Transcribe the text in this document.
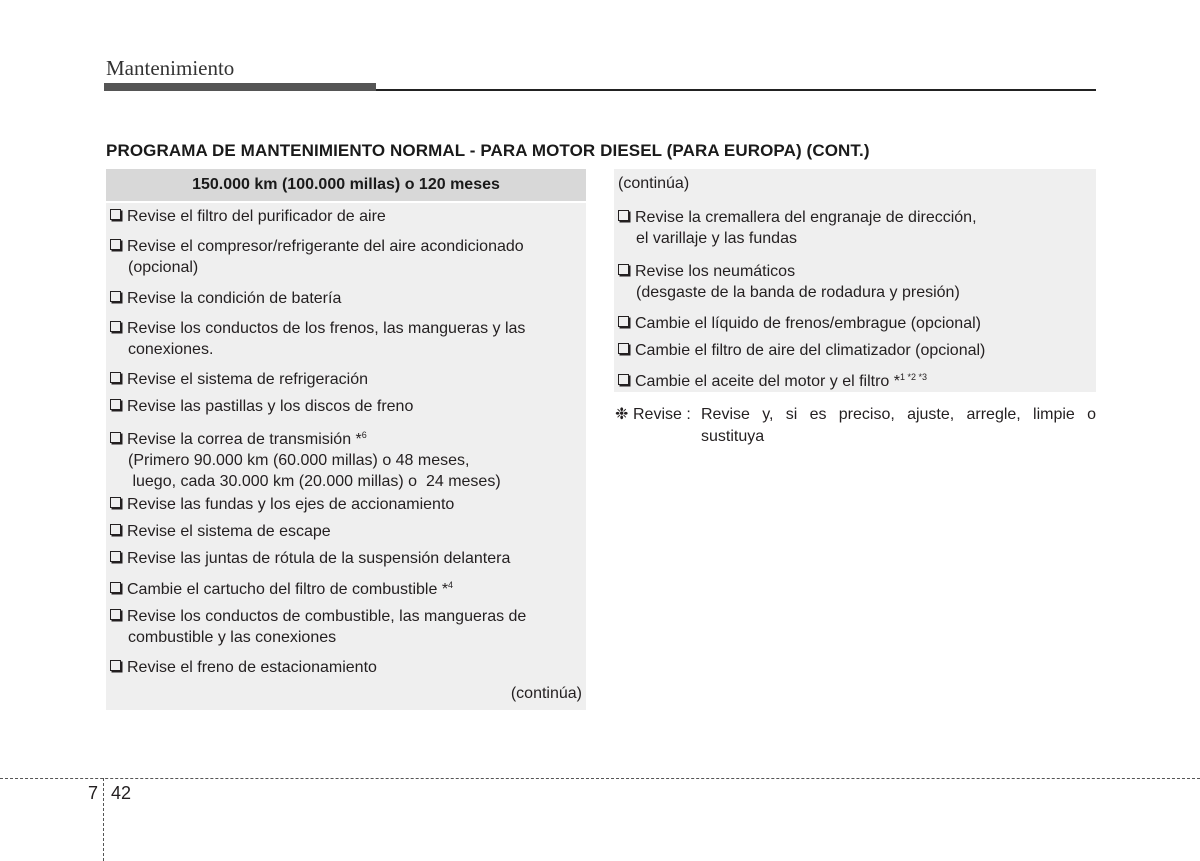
Mantenimiento
PROGRAMA DE MANTENIMIENTO NORMAL - PARA MOTOR DIESEL (PARA EUROPA) (CONT.)
150.000 km (100.000 millas) o 120 meses
Revise el filtro del purificador de aire
Revise el compresor/refrigerante del aire acondicionado
(opcional)
Revise la condición de batería
Revise los conductos de los frenos, las mangueras y las
conexiones.
Revise el sistema de refrigeración
Revise las pastillas y los discos de freno
Revise la correa de transmisión *$^6$
(Primero 90.000 km (60.000 millas) o 48 meses,
luego, cada 30.000 km (20.000 millas) o  24 meses)
Revise las fundas y los ejes de accionamiento
Revise el sistema de escape
Revise las juntas de rótula de la suspensión delantera
Cambie el cartucho del filtro de combustible *$^4$
Revise los conductos de combustible, las mangueras de
combustible y las conexiones
Revise el freno de estacionamiento
(continúa)
(continúa)
Revise la cremallera del engranaje de dirección,
el varillaje y las fundas
Revise los neumáticos
(desgaste de la banda de rodadura y presión)
Cambie el líquido de frenos/embrague (opcional)
Cambie el filtro de aire del climatizador (opcional)
Cambie el aceite del motor y el filtro *$^{1 *2 *3}$
❉ Revise : Revise y, si es preciso, ajuste, arregle, limpie o sustituya
7 42
